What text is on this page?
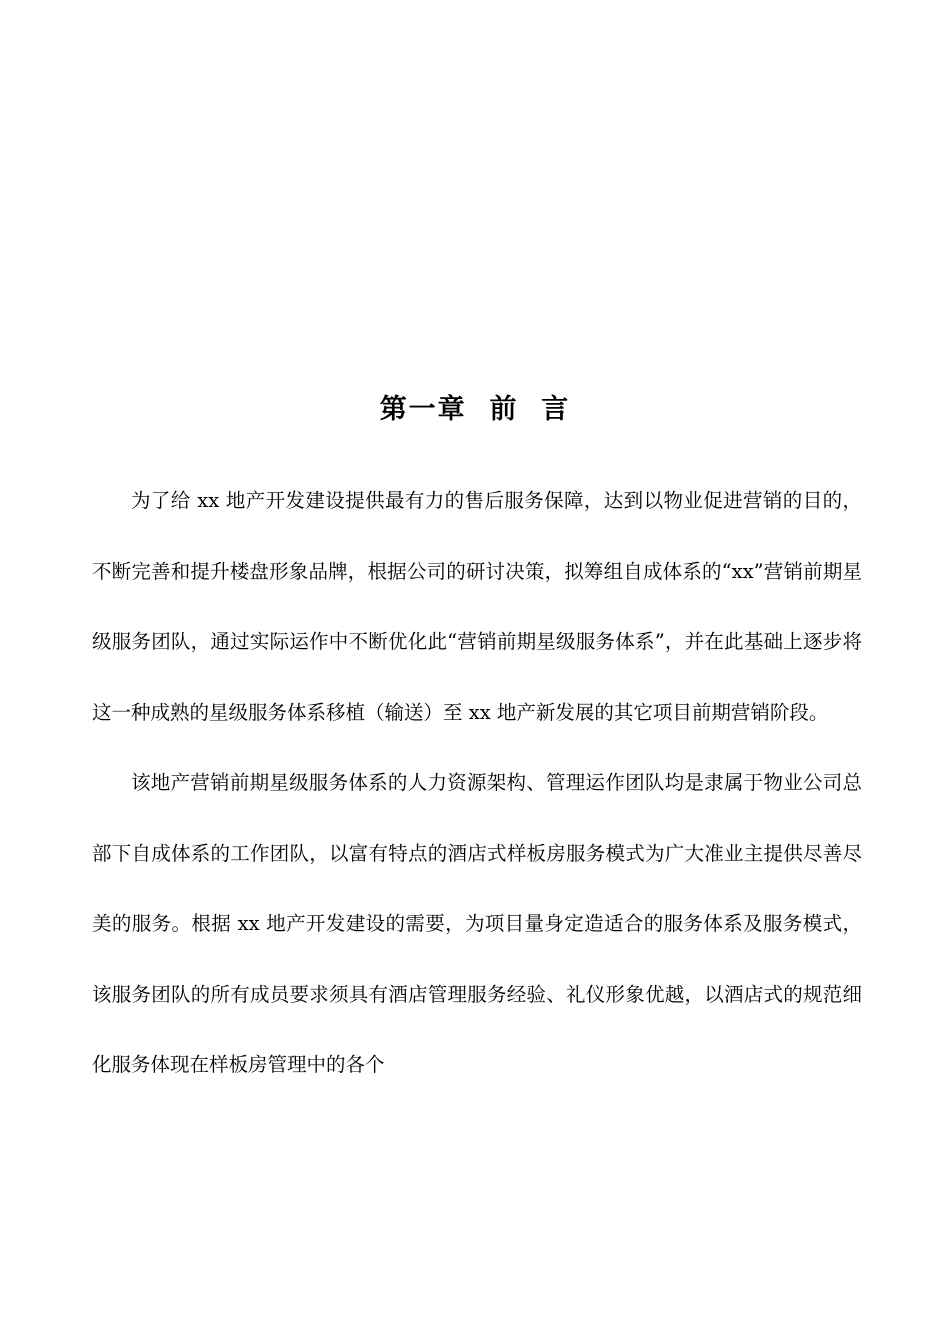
第一章  前  言

为了给 xx 地产开发建设提供最有力的售后服务保障，达到以物业促进营销的目的，不断完善和提升楼盘形象品牌，根据公司的研讨决策，拟筹组自成体系的“xx”营销前期星级服务团队，通过实际运作中不断优化此“营销前期星级服务体系”，并在此基础上逐步将这一种成熟的星级服务体系移植（输送）至 xx 地产新发展的其它项目前期营销阶段。

该地产营销前期星级服务体系的人力资源架构、管理运作团队均是隶属于物业公司总部下自成体系的工作团队，以富有特点的酒店式样板房服务模式为广大准业主提供尽善尽美的服务。根据 xx 地产开发建设的需要，为项目量身定造适合的服务体系及服务模式，该服务团队的所有成员要求须具有酒店管理服务经验、礼仪形象优越，以酒店式的规范细化服务体现在样板房管理中的各个
